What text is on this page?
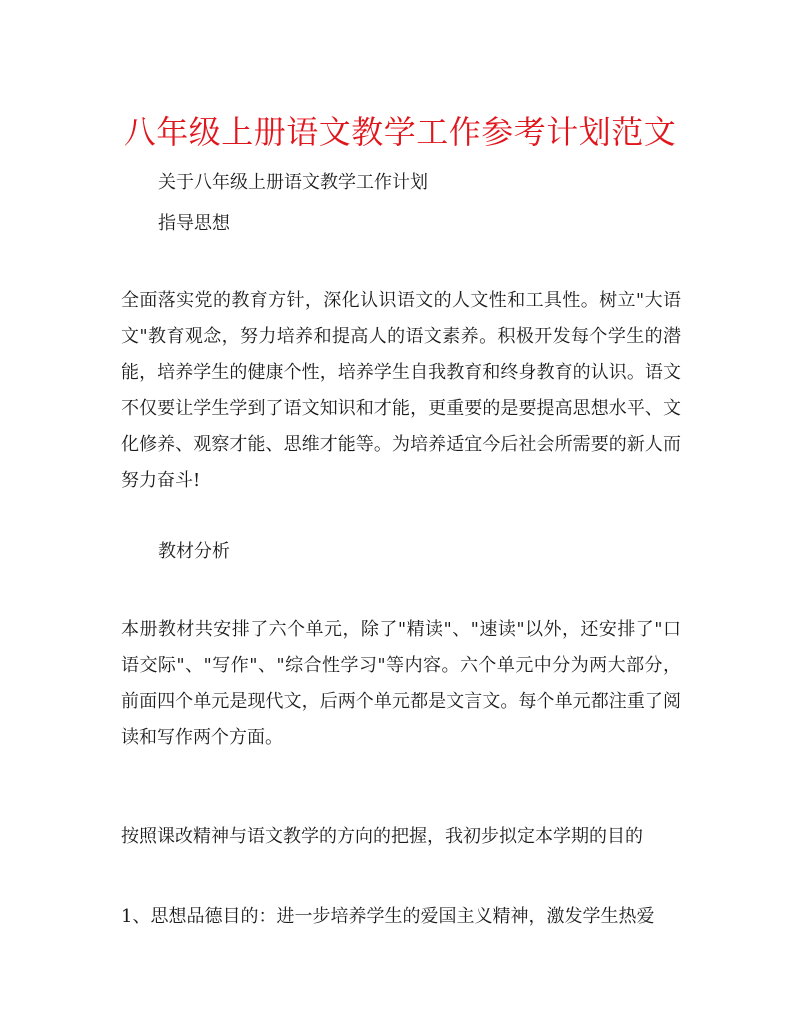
八年级上册语文教学工作参考计划范文

关于八年级上册语文教学工作计划

指导思想

全面落实党的教育方针，深化认识语文的人文性和工具性。树立"大语文"教育观念，努力培养和提高人的语文素养。积极开发每个学生的潜能，培养学生的健康个性，培养学生自我教育和终身教育的认识。语文不仅要让学生学到了语文知识和才能，更重要的是要提高思想水平、文化修养、观察才能、思维才能等。为培养适宜今后社会所需要的新人而努力奋斗!

教材分析

本册教材共安排了六个单元，除了"精读"、"速读"以外，还安排了"口语交际"、"写作"、"综合性学习"等内容。六个单元中分为两大部分，前面四个单元是现代文，后两个单元都是文言文。每个单元都注重了阅读和写作两个方面。

按照课改精神与语文教学的方向的把握，我初步拟定本学期的目的

1、思想品德目的：进一步培养学生的爱国主义精神，激发学生热爱
